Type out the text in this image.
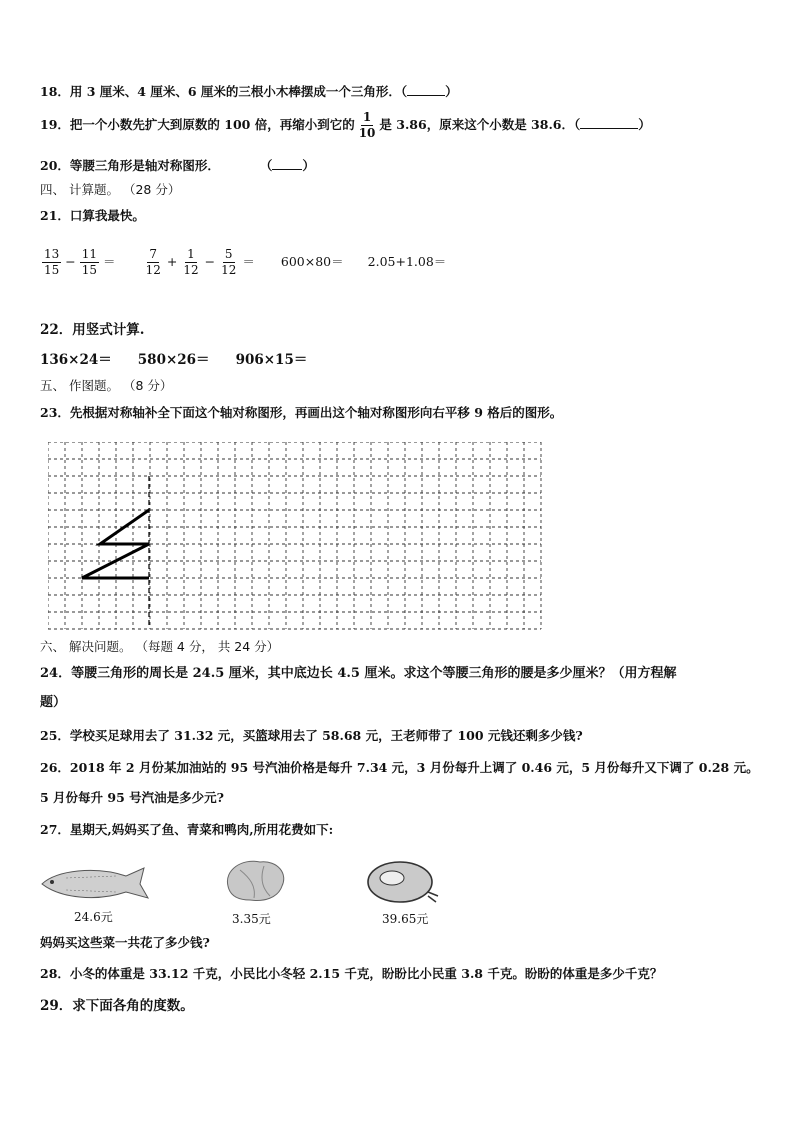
18．用 3 厘米、4 厘米、6 厘米的三根小木棒摆成一个三角形．（	）
19．把一个小数先扩大到原数的 100 倍，再缩小到它的 $\frac{1}{10}$ 是 3.86，原来这个小数是 38.6．（	）
20．等腰三角形是轴对称图形．	（ ）
四、 计算题。 （28 分）
21．口算我最快。
$\frac{13}{15} - \frac{11}{15} = \frac{7}{12} + \frac{1}{12} - \frac{5}{12} = 600\times 80= 2.05+1.08=$
22．用竖式计算.
136×24＝ 580×26＝ 906×15＝
五、 作图题。 （8 分）
23．先根据对称轴补全下面这个轴对称图形，再画出这个轴对称图形向右平移 9 格后的图形。
六、 解决问题。 （每题 4 分， 共 24 分）
24．等腰三角形的周长是 24.5 厘米，其中底边长 4.5 厘米。求这个等腰三角形的腰是多少厘米？（用方程解
题）
25．学校买足球用去了 31.32 元，买篮球用去了 58.68 元，王老师带了 100 元钱还剩多少钱?
26．2018 年 2 月份某加油站的 95 号汽油价格是每升 7.34 元，3 月份每升上调了 0.46 元，5 月份每升又下调了 0.28 元。
5 月份每升 95 号汽油是多少元?
27．星期天,妈妈买了鱼、青菜和鸭肉,所用花费如下:
24.6元	3.35元	39.65元
妈妈买这些菜一共花了多少钱?
28．小冬的体重是 33.12 千克，小民比小冬轻 2.15 千克，盼盼比小民重 3.8 千克。盼盼的体重是多少千克？
29．求下面各角的度数。
